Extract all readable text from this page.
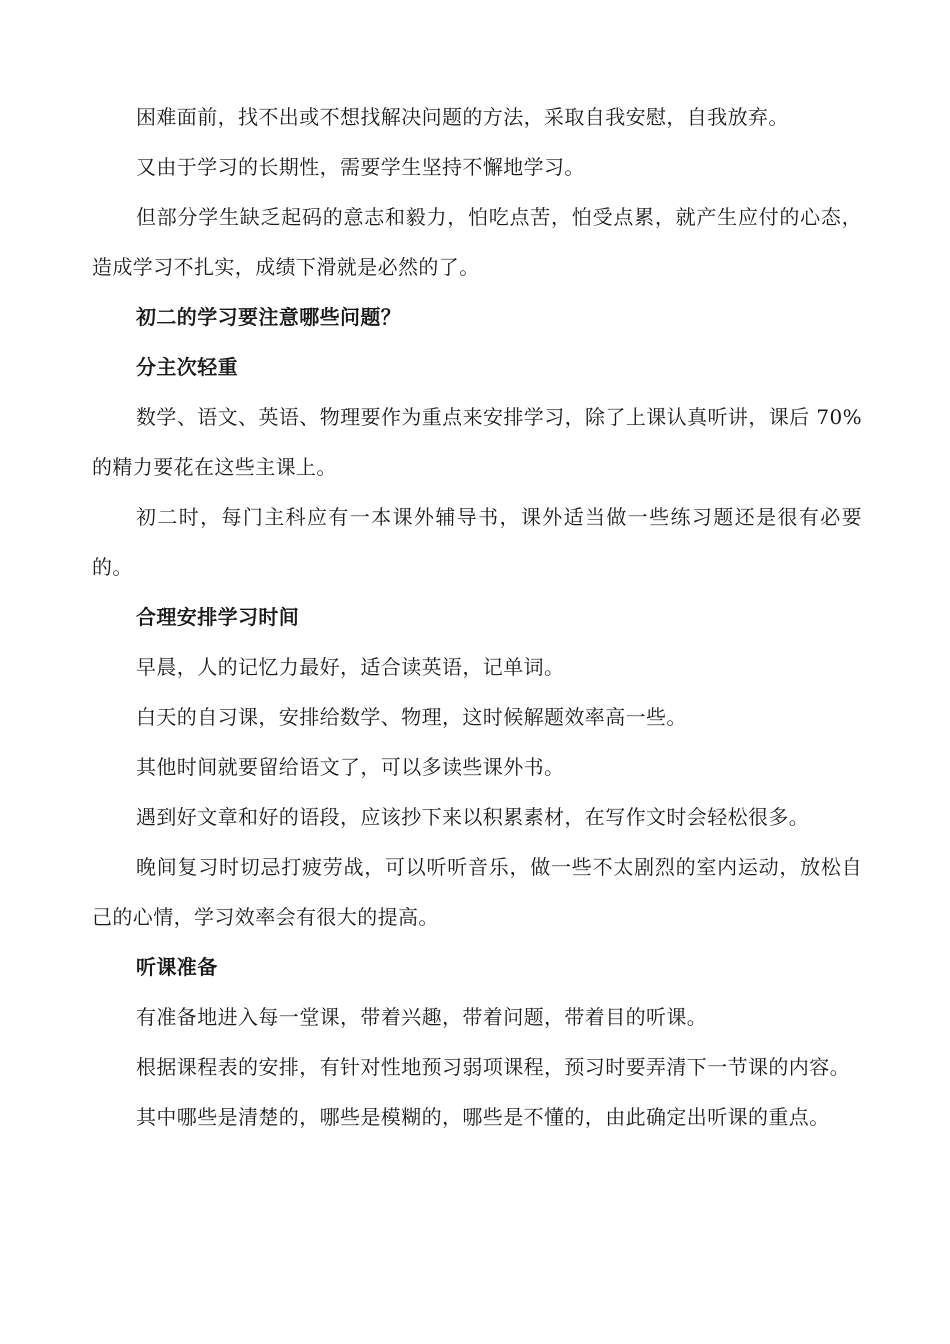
困难面前，找不出或不想找解决问题的方法，采取自我安慰，自我放弃。

又由于学习的长期性，需要学生坚持不懈地学习。

但部分学生缺乏起码的意志和毅力，怕吃点苦，怕受点累，就产生应付的心态，造成学习不扎实，成绩下滑就是必然的了。

初二的学习要注意哪些问题？

分主次轻重

数学、语文、英语、物理要作为重点来安排学习，除了上课认真听讲，课后 70%的精力要花在这些主课上。

初二时，每门主科应有一本课外辅导书，课外适当做一些练习题还是很有必要的。

合理安排学习时间

早晨，人的记忆力最好，适合读英语，记单词。

白天的自习课，安排给数学、物理，这时候解题效率高一些。

其他时间就要留给语文了，可以多读些课外书。

遇到好文章和好的语段，应该抄下来以积累素材，在写作文时会轻松很多。

晚间复习时切忌打疲劳战，可以听听音乐，做一些不太剧烈的室内运动，放松自己的心情，学习效率会有很大的提高。

听课准备

有准备地进入每一堂课，带着兴趣，带着问题，带着目的听课。

根据课程表的安排，有针对性地预习弱项课程，预习时要弄清下一节课的内容。

其中哪些是清楚的，哪些是模糊的，哪些是不懂的，由此确定出听课的重点。
